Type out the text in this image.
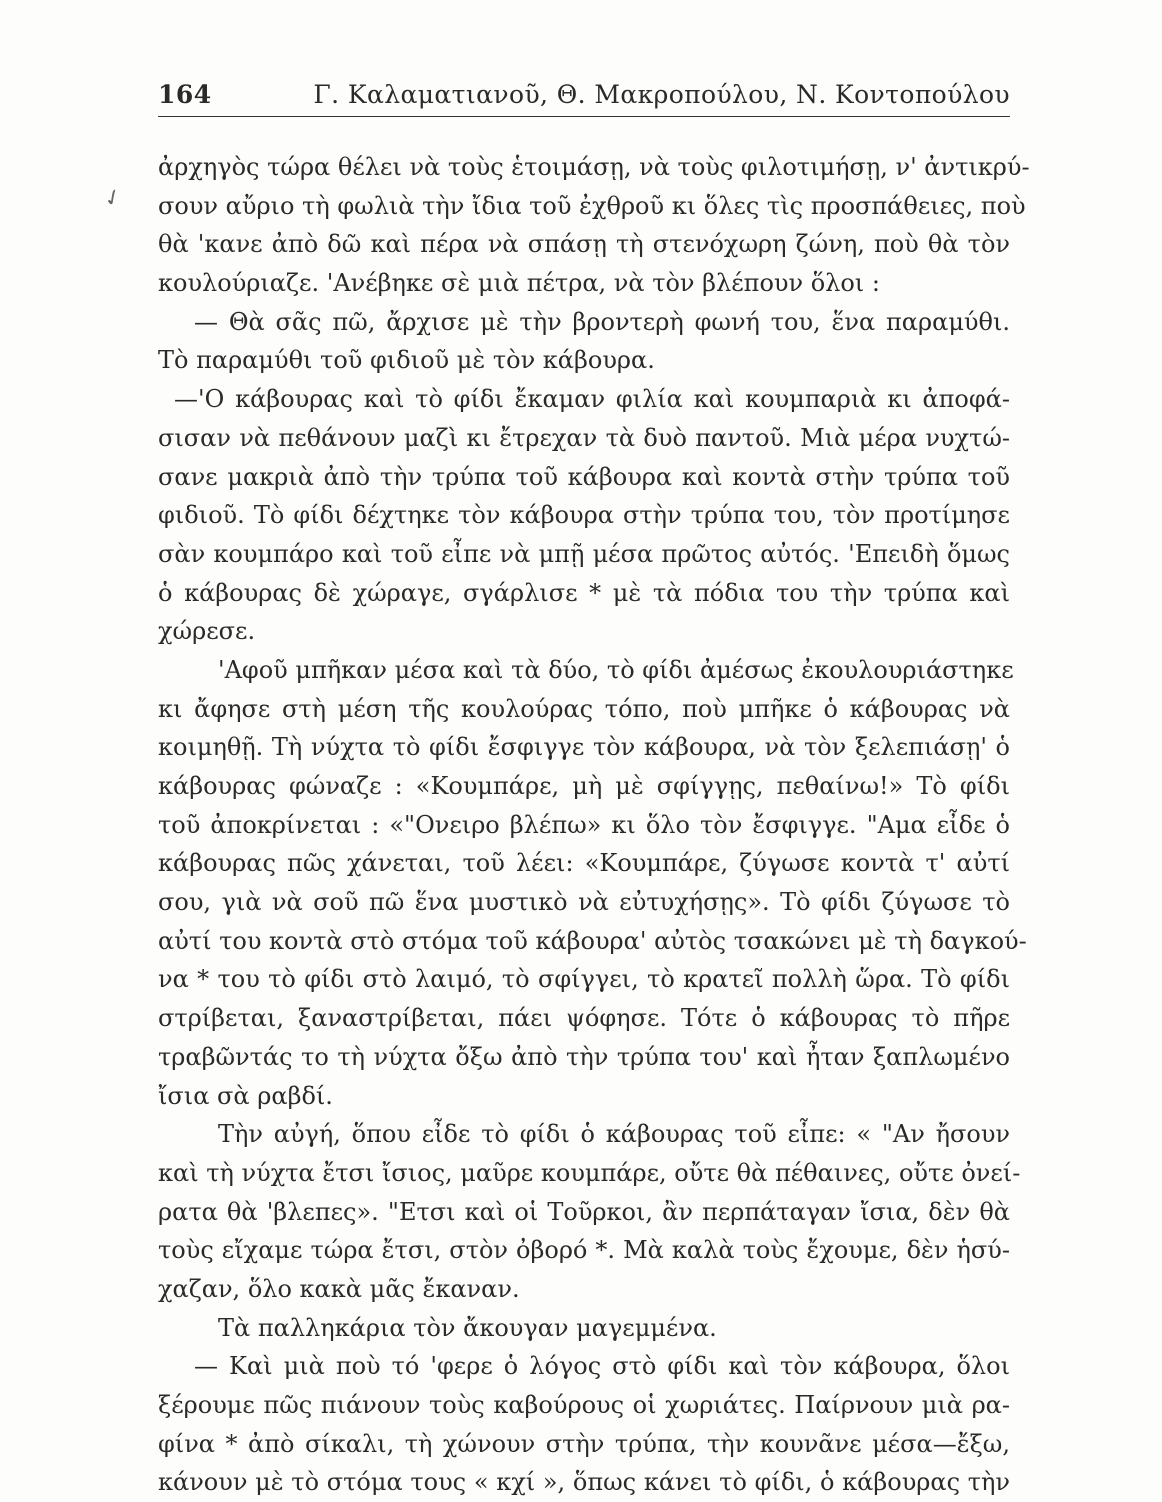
164	Γ. Καλαματιανοῦ, Θ. Μακροπούλου, Ν. Κοντοπούλου
✓
ἀρχηγὸς τώρα θέλει νὰ τοὺς ἑτοιμάσῃ, νὰ τοὺς φιλοτιμήσῃ, ν' ἀντικρύ-
σουν αὔριο τὴ φωλιὰ τὴν ἴδια τοῦ ἐχθροῦ κι ὅλες τὶς προσπάθειες, ποὺ
θὰ 'κανε ἀπὸ δῶ καὶ πέρα νὰ σπάσῃ τὴ στενόχωρη ζώνη, ποὺ θὰ τὸν
κουλούριαζε. 'Ανέβηκε σὲ μιὰ πέτρα, νὰ τὸν βλέπουν ὅλοι :
— Θὰ σᾶς πῶ, ἄρχισε μὲ τὴν βροντερὴ φωνή του, ἕνα παραμύθι.
Τὸ παραμύθι τοῦ φιδιοῦ μὲ τὸν κάβουρα.
—'Ο κάβουρας καὶ τὸ φίδι ἔκαμαν φιλία καὶ κουμπαριὰ κι ἀποφά-
σισαν νὰ πεθάνουν μαζὶ κι ἔτρεχαν τὰ δυὸ παντοῦ. Μιὰ μέρα νυχτώ-
σανε μακριὰ ἀπὸ τὴν τρύπα τοῦ κάβουρα καὶ κοντὰ στὴν τρύπα τοῦ
φιδιοῦ. Τὸ φίδι δέχτηκε τὸν κάβουρα στὴν τρύπα του, τὸν προτίμησε
σὰν κουμπάρο καὶ τοῦ εἶπε νὰ μπῇ μέσα πρῶτος αὐτός. 'Επειδὴ ὅμως
ὁ κάβουρας δὲ χώραγε, σγάρλισε * μὲ τὰ πόδια του τὴν τρύπα καὶ
χώρεσε.
'Αφοῦ μπῆκαν μέσα καὶ τὰ δύο, τὸ φίδι ἀμέσως ἐκουλουριάστηκε
κι ἄφησε στὴ μέση τῆς κουλούρας τόπο, ποὺ μπῆκε ὁ κάβουρας νὰ
κοιμηθῇ. Τὴ νύχτα τὸ φίδι ἔσφιγγε τὸν κάβουρα, νὰ τὸν ξελεπιάσῃ' ὁ
κάβουρας φώναζε : «Κουμπάρε, μὴ μὲ σφίγγῃς, πεθαίνω!» Τὸ φίδι
τοῦ ἀποκρίνεται : «"Ονειρο βλέπω» κι ὅλο τὸν ἔσφιγγε. "Αμα εἶδε ὁ
κάβουρας πῶς χάνεται, τοῦ λέει: «Κουμπάρε, ζύγωσε κοντὰ τ' αὐτί
σου, γιὰ νὰ σοῦ πῶ ἕνα μυστικὸ νὰ εὐτυχήσῃς». Τὸ φίδι ζύγωσε τὸ
αὐτί του κοντὰ στὸ στόμα τοῦ κάβουρα' αὐτὸς τσακώνει μὲ τὴ δαγκού-
να * του τὸ φίδι στὸ λαιμό, τὸ σφίγγει, τὸ κρατεῖ πολλὴ ὥρα. Τὸ φίδι
στρίβεται, ξαναστρίβεται, πάει ψόφησε. Τότε ὁ κάβουρας τὸ πῆρε
τραβῶντάς το τὴ νύχτα ὄξω ἀπὸ τὴν τρύπα του' καὶ ἦταν ξαπλωμένο
ἴσια σὰ ραβδί.
Τὴν αὐγή, ὅπου εἶδε τὸ φίδι ὁ κάβουρας τοῦ εἶπε: « "Αν ἤσουν
καὶ τὴ νύχτα ἔτσι ἴσιος, μαῦρε κουμπάρε, οὔτε θὰ πέθαινες, οὔτε ὀνεί-
ρατα θὰ 'βλεπες». "Ετσι καὶ οἱ Τοῦρκοι, ἂν περπάταγαν ἴσια, δὲν θὰ
τοὺς εἴχαμε τώρα ἔτσι, στὸν ὀβορό *. Μὰ καλὰ τοὺς ἔχουμε, δὲν ἡσύ-
χαζαν, ὅλο κακὰ μᾶς ἔκαναν.
Τὰ παλληκάρια τὸν ἄκουγαν μαγεμμένα.
— Καὶ μιὰ ποὺ τό 'φερε ὁ λόγος στὸ φίδι καὶ τὸν κάβουρα, ὅλοι
ξέρουμε πῶς πιάνουν τοὺς καβούρους οἱ χωριάτες. Παίρνουν μιὰ ρα-
φίνα * ἀπὸ σίκαλι, τὴ χώνουν στὴν τρύπα, τὴν κουνᾶνε μέσα—ἔξω,
κάνουν μὲ τὸ στόμα τους « κχί », ὅπως κάνει τὸ φίδι, ὁ κάβουρας τὴν
